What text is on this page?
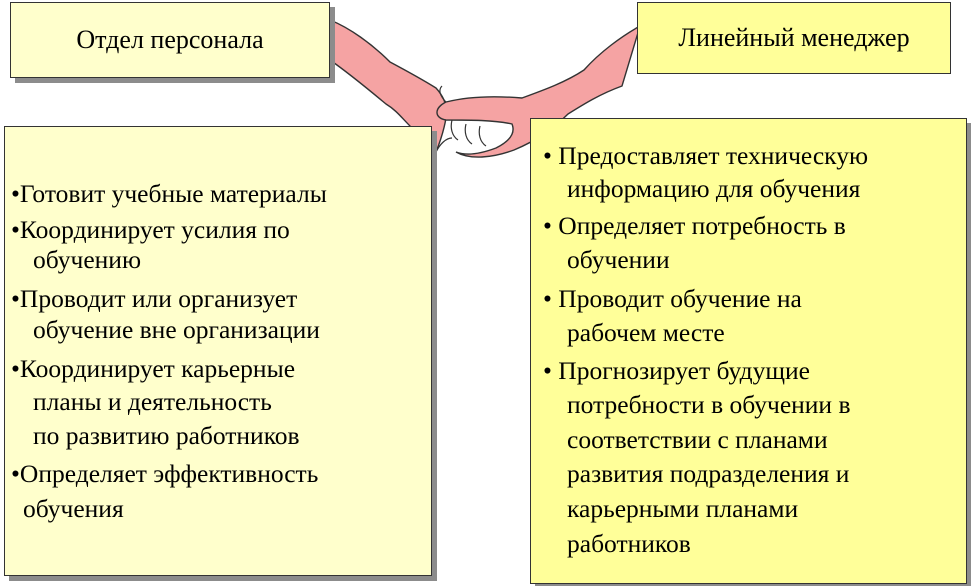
Отдел персонала	Линейный менеджер
•Готовит учебные материалы
•Координирует усилия по
обучению
•Проводит или организует
обучение вне организации
•Координирует карьерные
планы и деятельность
по развитию работников
•Определяет эффективность
обучения
• Предоставляет техническую
информацию для обучения
• Определяет потребность в
обучении
• Проводит обучение на
рабочем месте
• Прогнозирует будущие
потребности в обучении в
соответствии с планами
развития подразделения и
карьерными планами
работников
